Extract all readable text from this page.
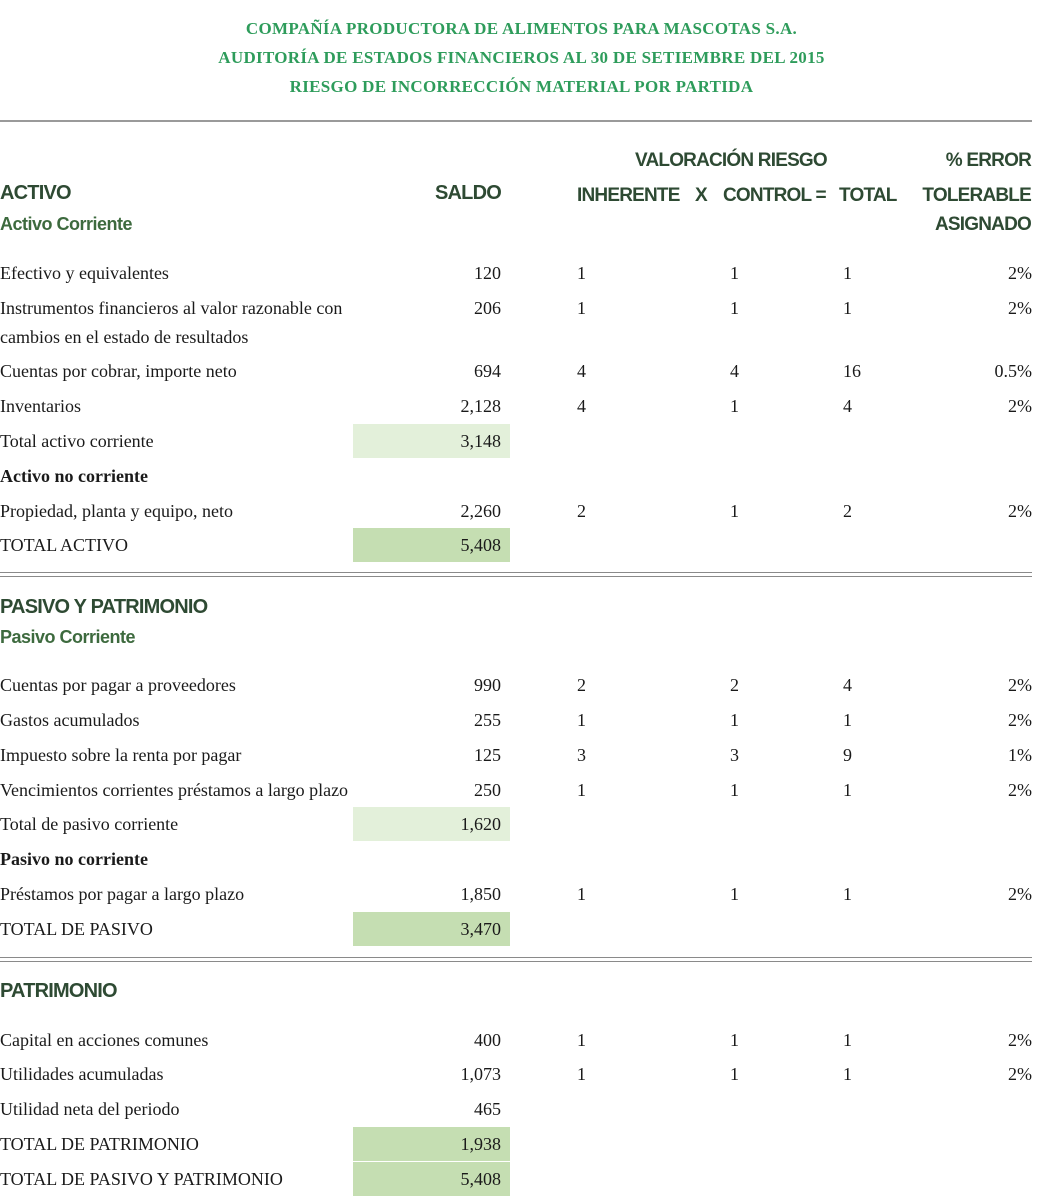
COMPAÑÍA PRODUCTORA DE ALIMENTOS PARA MASCOTAS S.A.
AUDITORÍA DE ESTADOS FINANCIEROS AL 30 DE SETIEMBRE DEL 2015
RIESGO DE INCORRECCIÓN MATERIAL POR PARTIDA
VALORACIÓN RIESGO	% ERROR
ACTIVO	SALDO	INHERENTE X CONTROL = TOTAL TOLERABLE
Activo Corriente	ASIGNADO
Efectivo y equivalentes	120	1	1	1	2%
Instrumentos financieros al valor razonable con
cambios en el estado de resultados
206	1	1	1	2%
Cuentas por cobrar, importe neto	694	4	4	16	0.5%
Inventarios	2,128	4	1	4	2%
Total activo corriente	3,148
Activo no corriente
Propiedad, planta y equipo, neto	2,260	2	1	2	2%
TOTAL ACTIVO	5,408
PASIVO Y PATRIMONIO
Pasivo Corriente
Cuentas por pagar a proveedores	990	2	2	4	2%
Gastos acumulados	255	1	1	1	2%
Impuesto sobre la renta por pagar	125	3	3	9	1%
Vencimientos corrientes préstamos a largo plazo	250	1	1	1	2%
Total de pasivo corriente	1,620
Pasivo no corriente
Préstamos por pagar a largo plazo	1,850	1	1	1	2%
TOTAL DE PASIVO	3,470
PATRIMONIO
Capital en acciones comunes	400	1	1	1	2%
Utilidades acumuladas	1,073	1	1	1	2%
Utilidad neta del periodo	465
TOTAL DE PATRIMONIO	1,938
TOTAL DE PASIVO Y PATRIMONIO	5,408
